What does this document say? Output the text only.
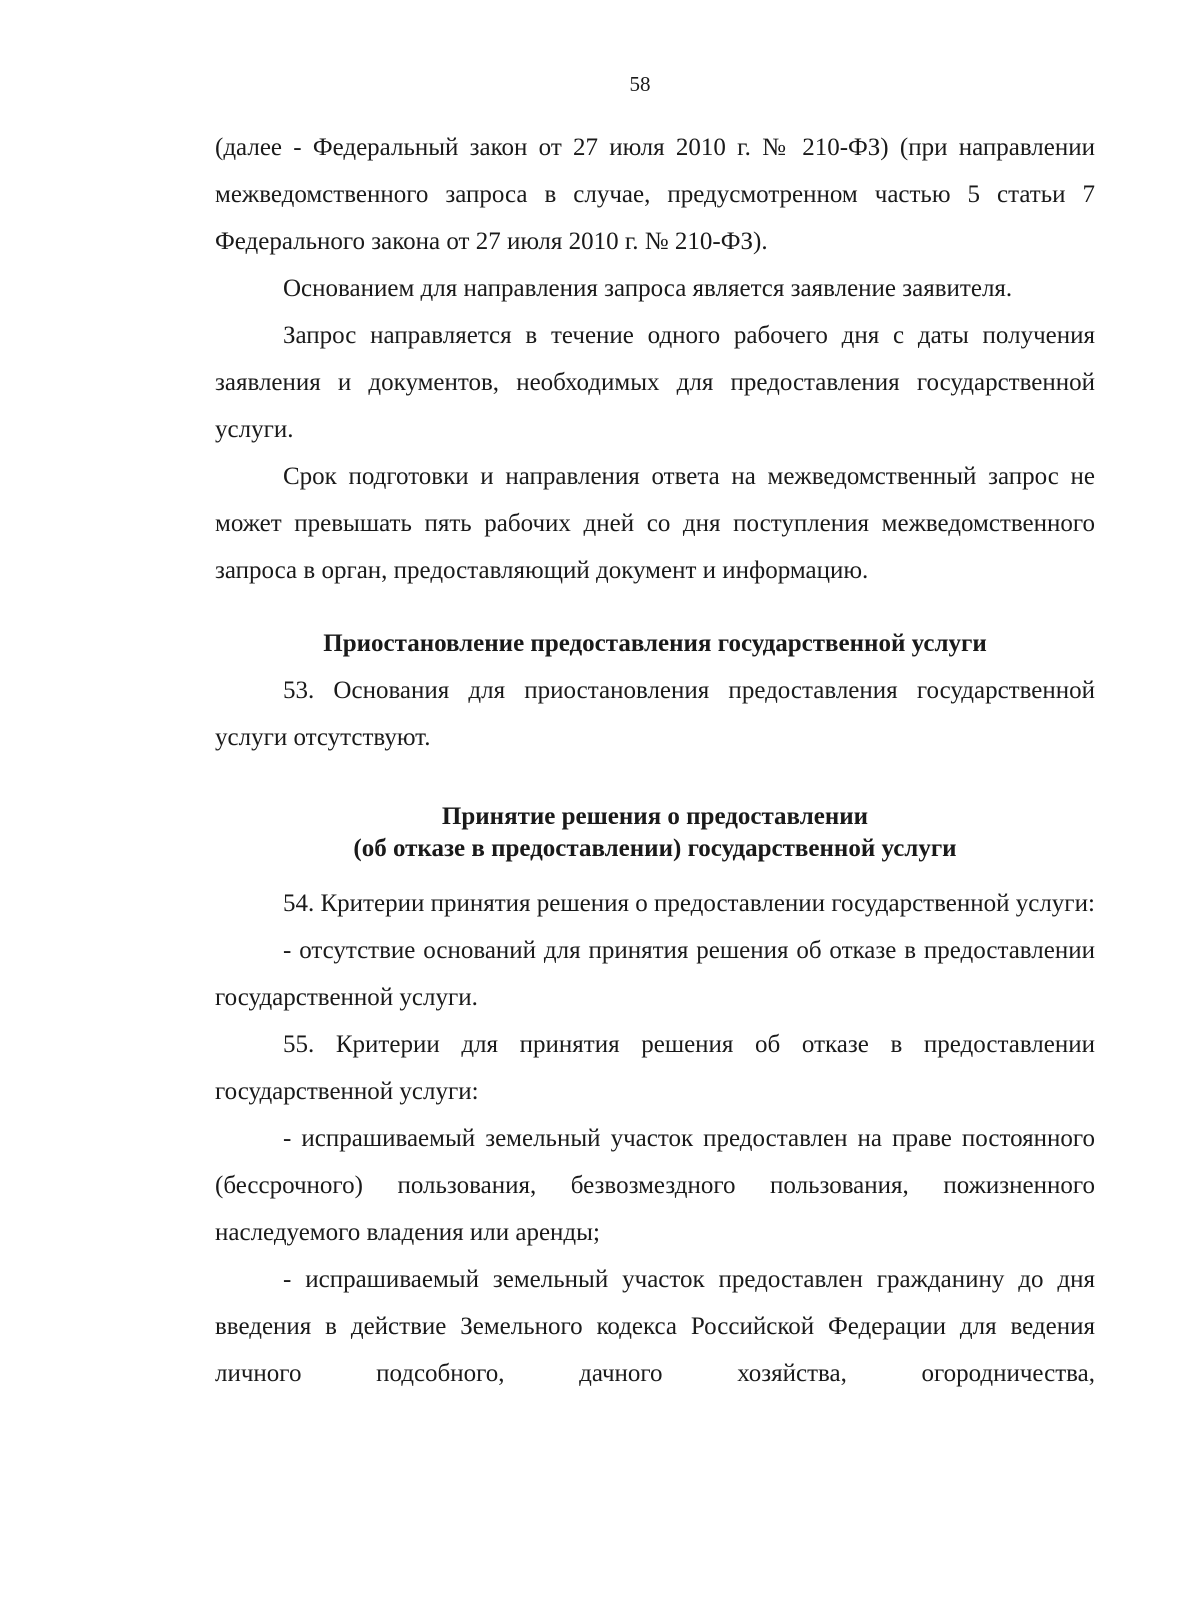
58

(далее - Федеральный закон от 27 июля 2010 г. № 210-ФЗ) (при направлении межведомственного запроса в случае, предусмотренном частью 5 статьи 7 Федерального закона от 27 июля 2010 г. № 210-ФЗ).

Основанием для направления запроса является заявление заявителя.

Запрос направляется в течение одного рабочего дня с даты получения заявления и документов, необходимых для предоставления государственной услуги.

Срок подготовки и направления ответа на межведомственный запрос не может превышать пять рабочих дней со дня поступления межведомственного запроса в орган, предоставляющий документ и информацию.

Приостановление предоставления государственной услуги

53. Основания для приостановления предоставления государственной услуги отсутствуют.

Принятие решения о предоставлении

(об отказе в предоставлении) государственной услуги

54. Критерии принятия решения о предоставлении государственной услуги:

- отсутствие оснований для принятия решения об отказе в предоставлении государственной услуги.

55. Критерии для принятия решения об отказе в предоставлении государственной услуги:

- испрашиваемый земельный участок предоставлен на праве постоянного (бессрочного) пользования, безвозмездного пользования, пожизненного наследуемого владения или аренды;

- испрашиваемый земельный участок предоставлен гражданину до дня введения в действие Земельного кодекса Российской Федерации для ведения личного подсобного, дачного хозяйства, огородничества,
